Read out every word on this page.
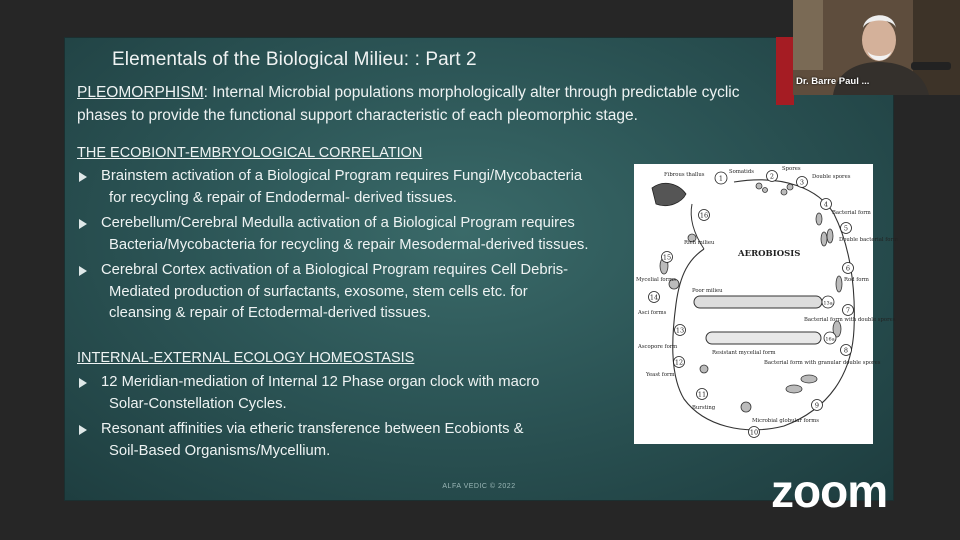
Elementals of the Biological Milieu: : Part 2

PLEOMORPHISM: Internal Microbial populations morphologically alter through predictable cyclic phases to provide the functional support characteristic of each pleomorphic stage.

THE ECOBIONT-EMBRYOLOGICAL CORRELATION
Brainstem activation of a Biological Program requires Fungi/Mycobacteria
for recycling & repair of Endodermal- derived tissues.
Cerebellum/Cerebral Medulla activation of a Biological Program requires
Bacteria/Mycobacteria for recycling & repair Mesodermal-derived tissues.
Cerebral Cortex activation of a Biological Program requires Cell Debris-
Mediated production of surfactants, exosome, stem cells etc. for
cleansing & repair of Ectodermal-derived tissues.
INTERNAL-EXTERNAL ECOLOGY HOMEOSTASIS
12 Meridian-mediation of Internal 12 Phase organ clock with macro
Solar-Constellation Cycles.
Resonant affinities via etheric transference between Ecobionts &
Soil-Based Organisms/Mycellium.
1	2
3
4
5
6
7
8
9
10
11
12
13
14
15
16
13a
16a
AEROBIOSIS
Fibrous thallus	Somatids	Spores
Double spores
Bacterial form
Double bacterial form
Rod form
Bacterial form with double spores
Bacterial form with granular double spores
Microbial globular forms
Bursting
Yeast form
Ascopore form
Asci forms
Mycelial forms
Rich milieu
Poor milieu
Resistant mycelial form
ALFA VEDIC © 2022
Dr. Barre Paul ...

zoom
